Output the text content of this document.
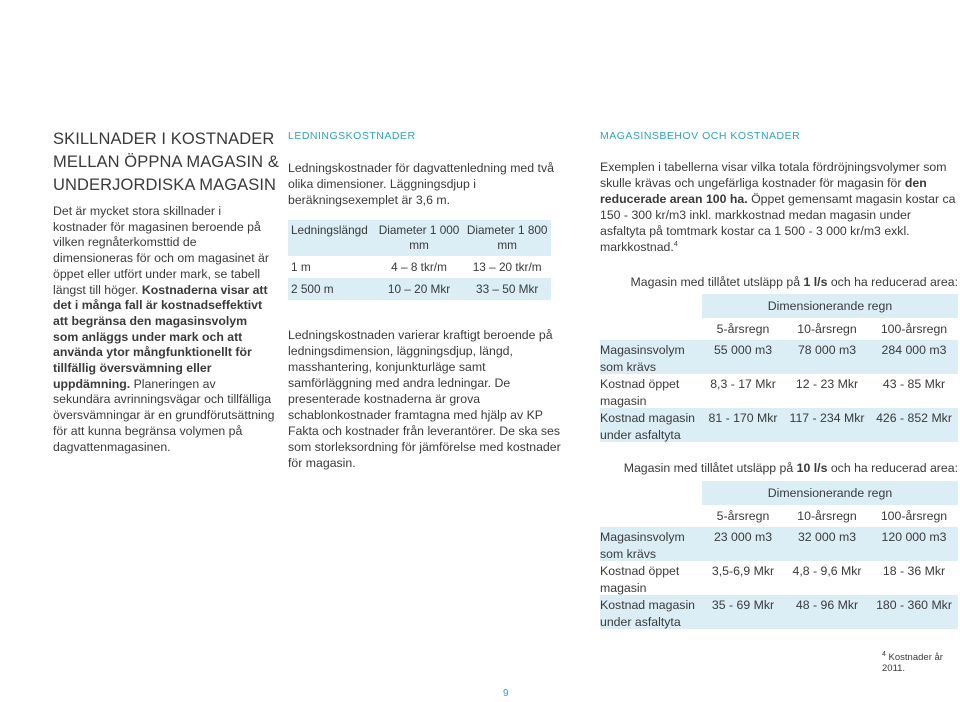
SKILLNADER I KOSTNADER
MELLAN ÖPPNA MAGASIN &
UNDERJORDISKA MAGASIN

Det är mycket stora skillnader i kostnader för magasinen beroende på vilken regnåterkomsttid de dimensioneras för och om magasinet är öppet eller utfört under mark, se tabell längst till höger. Kostnaderna visar att det i många fall är kostnadseffektivt att begränsa den magasinsvolym som anläggs under mark och att använda ytor mångfunktionellt för tillfällig översvämning eller uppdämning. Planeringen av sekundära avrinningsvägar och tillfälliga översvämningar är en grundförutsättning för att kunna begränsa volymen på dagvattenmagasinen.

LEDNINGSKOSTNADER

Ledningskostnader för dagvattenledning med två olika dimensioner. Läggningsdjup i beräkningsexemplet är 3,6 m.

Ledningslängd	Diameter 1 000 mm	Diameter 1 800 mm
1 m	4 – 8 tkr/m	13 – 20 tkr/m
2 500 m	10 – 20 Mkr	33 – 50 Mkr

Ledningskostnaden varierar kraftigt beroende på ledningsdimension, läggningsdjup, längd, masshantering, konjunkturläge samt samförläggning med andra ledningar. De presenterade kostnaderna är grova schablonkostnader framtagna med hjälp av KP Fakta och kostnader från leverantörer. De ska ses som storleksordning för jämförelse med kostnader för magasin.

MAGASINSBEHOV OCH KOSTNADER

Exemplen i tabellerna visar vilka totala fördröjningsvolymer som skulle krävas och ungefärliga kostnader för magasin för den reducerade arean 100 ha. Öppet gemensamt magasin kostar ca 150 - 300 kr/m3 inkl. markkostnad medan magasin under asfaltyta på tomtmark kostar ca 1 500 - 3 000 kr/m3 exkl. markkostnad.$^4$

Magasin med tillåtet utsläpp på 1 l/s och ha reducerad area:

Dimensionerande regn
5-årsregn	10-årsregn	100-årsregn
Magasinsvolym som krävs
55 000 m3	78 000 m3	284 000 m3
Kostnad öppet magasin
8,3 - 17 Mkr	12 - 23 Mkr	43 - 85 Mkr
Kostnad magasin under asfaltyta
81 - 170 Mkr 117 - 234 Mkr 426 - 852 Mkr

Magasin med tillåtet utsläpp på 10 l/s och ha reducerad area:

Dimensionerande regn
5-årsregn	10-årsregn	100-årsregn
Magasinsvolym som krävs
23 000 m3	32 000 m3	120 000 m3
Kostnad öppet magasin
3,5-6,9 Mkr	4,8 - 9,6 Mkr	18 - 36 Mkr
Kostnad magasin under asfaltyta
35 - 69 Mkr	48 - 96 Mkr	180 - 360 Mkr

$^4$ Kostnader år 2011.

9
